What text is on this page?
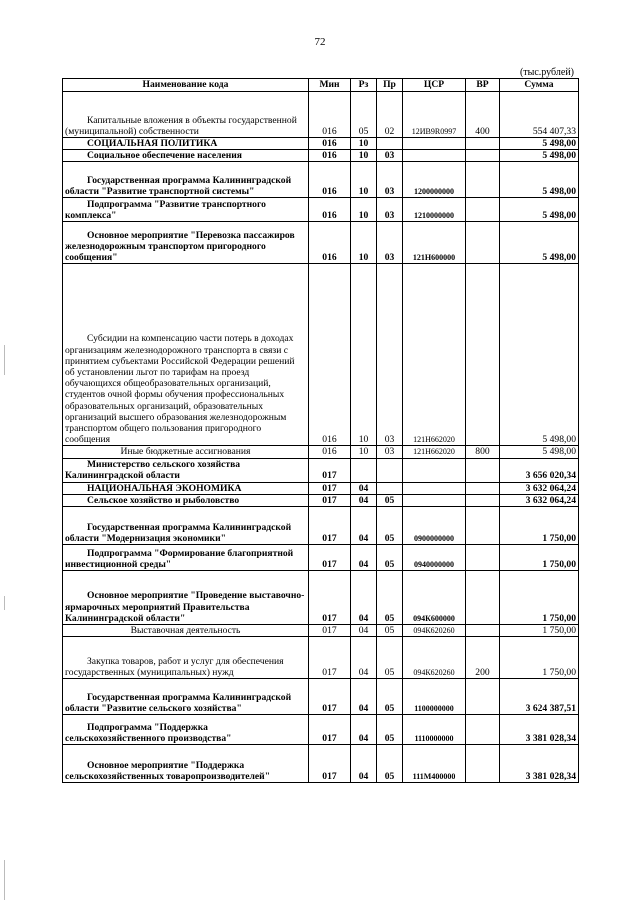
72
(тыс.рублей)
Наименование кода	Мин	Рз	Пр	ЦСР	ВР	Сумма

Капитальные вложения в объекты государственной (муниципальной) собственности	016	05	02	12ИВ9R0997	400	554 407,33

СОЦИАЛЬНАЯ ПОЛИТИКА	016	10				5 498,00

Социальное обеспечение населения	016	10	03			5 498,00

Государственная программа Калининградской области "Развитие транспортной системы"	016	10	03	1200000000		5 498,00

Подпрограмма "Развитие транспортного комплекса"	016	10	03	1210000000		5 498,00

Основное мероприятие "Перевозка пассажиров железнодорожным транспортом пригородного сообщения"	016	10	03	121Н600000		5 498,00

Субсидии на компенсацию части потерь в доходах организациям железнодорожного транспорта в связи с принятием субъектами Российской Федерации решений об установлении льгот по тарифам на проезд обучающихся общеобразовательных организаций, студентов очной формы обучения профессиональных образовательных организаций, образовательных организаций высшего образования железнодорожным транспортом общего пользования пригородного сообщения	016	10	03	121Н662020		5 498,00

Иные бюджетные ассигнования	016	10	03	121Н662020	800	5 498,00

Министерство сельского хозяйства Калининградской области	017					3 656 020,34

НАЦИОНАЛЬНАЯ ЭКОНОМИКА	017	04				3 632 064,24

Сельское хозяйство и рыболовство	017	04	05			3 632 064,24

Государственная программа Калининградской области "Модернизация экономики"	017	04	05	0900000000		1 750,00

Подпрограмма "Формирование благоприятной инвестиционной среды"	017	04	05	0940000000		1 750,00

Основное мероприятие "Проведение выставочно-ярмарочных мероприятий Правительства Калининградской области"	017	04	05	094К600000		1 750,00

Выставочная деятельность	017	04	05	094К620260		1 750,00

Закупка товаров, работ и услуг для обеспечения государственных (муниципальных) нужд	017	04	05	094К620260	200	1 750,00

Государственная программа Калининградской области "Развитие сельского хозяйства"	017	04	05	1100000000		3 624 387,51

Подпрограмма "Поддержка сельскохозяйственного производства"	017	04	05	1110000000		3 381 028,34

Основное мероприятие "Поддержка сельскохозяйственных товаропроизводителей"	017	04	05	111М400000		3 381 028,34
